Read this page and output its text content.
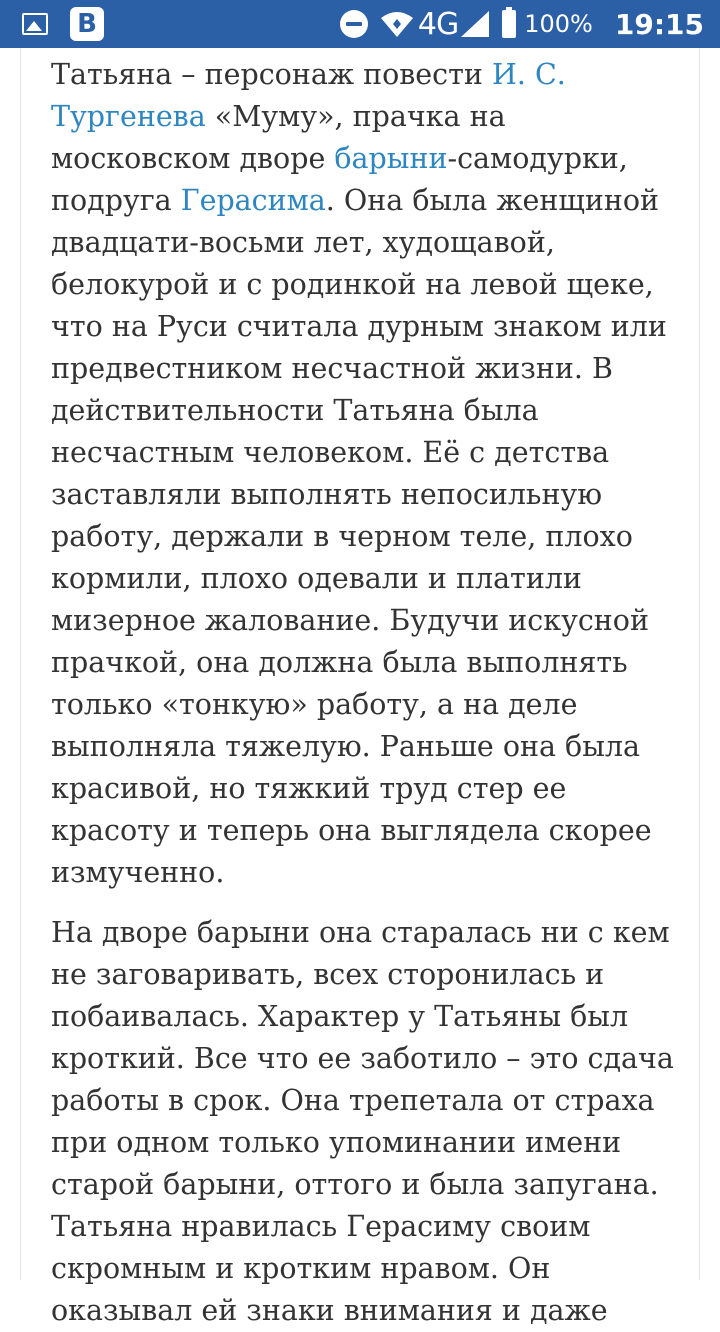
B	4G	100% 19:15

Татьяна – персонаж повести И. С. Тургенева «Муму», прачка на московском дворе барыни-самодурки, подруга Герасима. Она была женщиной двадцати-восьми лет, худощавой, белокурой и с родинкой на левой щеке, что на Руси считала дурным знаком или предвестником несчастной жизни. В действительности Татьяна была несчастным человеком. Её с детства заставляли выполнять непосильную работу, держали в черном теле, плохо кормили, плохо одевали и платили мизерное жалование. Будучи искусной прачкой, она должна была выполнять только «тонкую» работу, а на деле выполняла тяжелую. Раньше она была красивой, но тяжкий труд стер ее красоту и теперь она выглядела скорее измученно.

На дворе барыни она старалась ни с кем не заговаривать, всех сторонилась и побаивалась. Характер у Татьяны был кроткий. Все что ее заботило – это сдача работы в срок. Она трепетала от страха при одном только упоминании имени старой барыни, оттого и была запугана. Татьяна нравилась Герасиму своим скромным и кротким нравом. Он оказывал ей знаки внимания и даже
